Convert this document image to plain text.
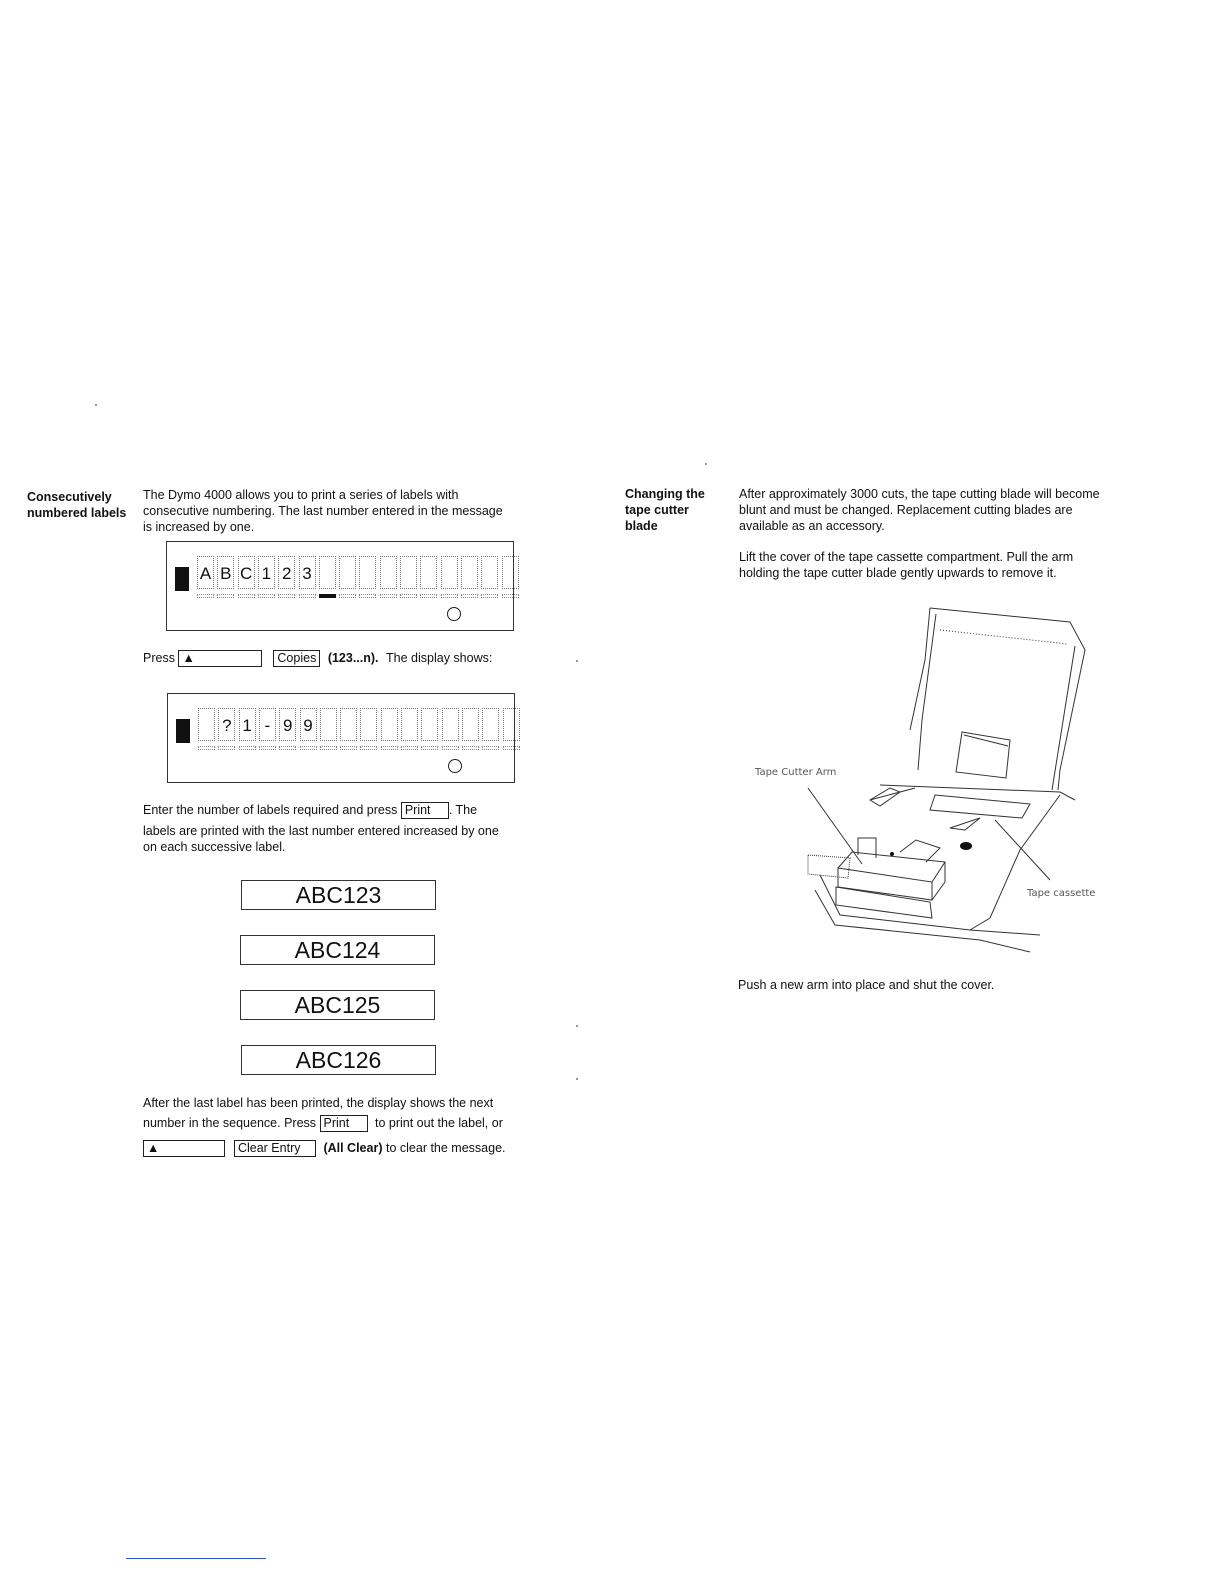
Consecutively
numbered labels
The Dymo 4000 allows you to print a series of labels with
consecutive numbering. The last number entered in the message
is increased by one.
A B C 1 2 3
Press ▲	Copies (123...n). The display shows:
? 1 - 9 9
Enter the number of labels required and press Print . The
labels are printed with the last number entered increased by one
on each successive label.
ABC123
ABC124
ABC125
ABC126
After the last label has been printed, the display shows the next
number in the sequence. Press Print to print out the label, or
▲	Clear Entry (All Clear) to clear the message.
Changing the
tape cutter
blade
After approximately 3000 cuts, the tape cutting blade will become
blunt and must be changed. Replacement cutting blades are
available as an accessory.
Lift the cover of the tape cassette compartment. Pull the arm
holding the tape cutter blade gently upwards to remove it.
Tape Cutter Arm
Tape cassette
Push a new arm into place and shut the cover.
